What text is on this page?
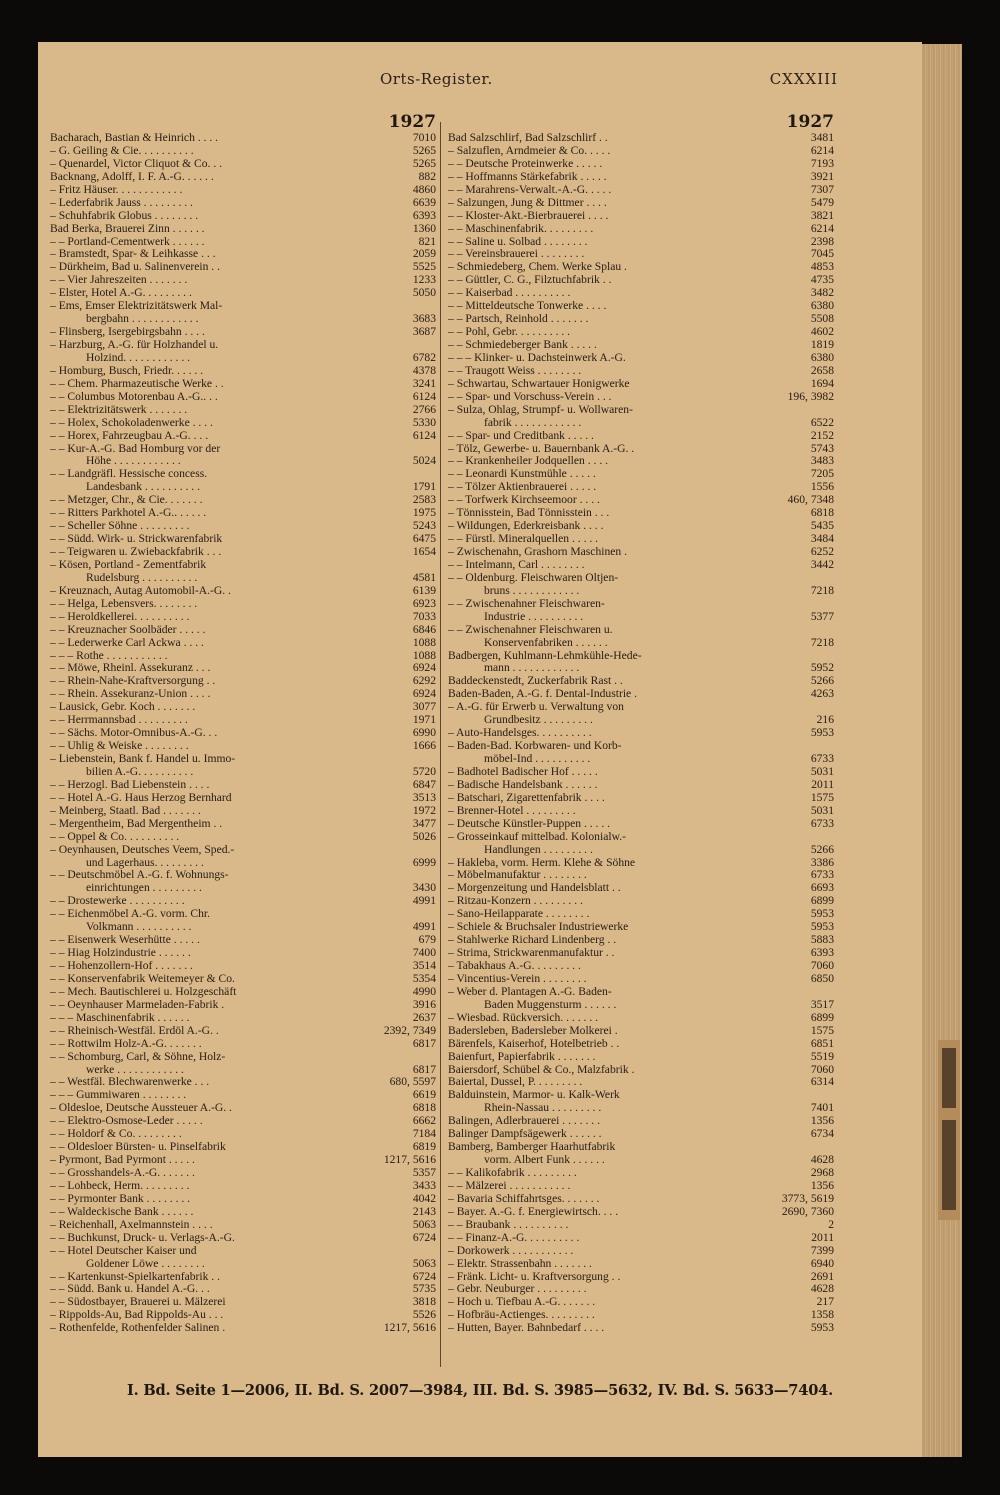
Orts-Register.	CXXXIII
1927
Bacharach, Bastian & Heinrich . . . .	7010
– G. Geiling & Cie. . . . . . . . . .	5265
– Quenardel, Victor Cliquot & Co. . .	5265
Backnang, Adolff, I. F. A.-G. . . . . .	882
– Fritz Häuser. . . . . . . . . . . .	4860
– Lederfabrik Jauss . . . . . . . . .	6639
– Schuhfabrik Globus . . . . . . . .	6393
Bad Berka, Brauerei Zinn . . . . . .	1360
– – Portland-Cementwerk . . . . . .	821
– Bramstedt, Spar- & Leihkasse . . .	2059
– Dürkheim, Bad u. Salinenverein . .	5525
– – Vier Jahreszeiten . . . . . . .	1233
– Elster, Hotel A.-G. . . . . . . . .	5050
– Ems, Emser Elektrizitätswerk Mal-
bergbahn . . . . . . . . . . . .	3683
– Flinsberg, Isergebirgsbahn . . . .	3687
– Harzburg, A.-G. für Holzhandel u.
Holzind. . . . . . . . . . . .	6782
– Homburg, Busch, Friedr. . . . . .	4378
– – Chem. Pharmazeutische Werke . .	3241
– – Columbus Motorenbau A.-G.. . .	6124
– – Elektrizitätswerk . . . . . . .	2766
– – Holex, Schokoladenwerke . . . .	5330
– – Horex, Fahrzeugbau A.-G. . . .	6124
– – Kur-A.-G. Bad Homburg vor der
Höhe . . . . . . . . . . . .	5024
– – Landgräfl. Hessische concess.
Landesbank . . . . . . . . . .	1791
– – Metzger, Chr., & Cie. . . . . . .	2583
– – Ritters Parkhotel A.-G.. . . . . .	1975
– – Scheller Söhne . . . . . . . . .	5243
– – Südd. Wirk- u. Strickwarenfabrik	6475
– – Teigwaren u. Zwiebackfabrik . . .	1654
– Kösen, Portland - Zementfabrik
Rudelsburg . . . . . . . . . .	4581
– Kreuznach, Autag Automobil-A.-G. .	6139
– – Helga, Lebensvers. . . . . . . .	6923
– – Heroldkellerei. . . . . . . . . .	7033
– – Kreuznacher Soolbäder . . . . .	6846
– – Lederwerke Carl Ackwa . . . .	1088
– – – Rothe . . . . . . . . . . .	1088
– – Möwe, Rheinl. Assekuranz . . .	6924
– – Rhein-Nahe-Kraftversorgung . .	6292
– – Rhein. Assekuranz-Union . . . .	6924
– Lausick, Gebr. Koch . . . . . . .	3077
– – Herrmannsbad . . . . . . . . .	1971
– – Sächs. Motor-Omnibus-A.-G. . .	6990
– – Uhlig & Weiske . . . . . . . .	1666
– Liebenstein, Bank f. Handel u. Immo-
bilien A.-G. . . . . . . . . .	5720
– – Herzogl. Bad Liebenstein . . . .	6847
– – Hotel A.-G. Haus Herzog Bernhard	3513
– Meinberg, Staatl. Bad . . . . . . .	1972
– Mergentheim, Bad Mergentheim . .	3477
– – Oppel & Co. . . . . . . . . .	5026
– Oeynhausen, Deutsches Veem, Sped.-
und Lagerhaus. . . . . . . . .	6999
– – Deutschmöbel A.-G. f. Wohnungs-
einrichtungen . . . . . . . . .	3430
– – Drostewerke . . . . . . . . . .	4991
– – Eichenmöbel A.-G. vorm. Chr.
Volkmann . . . . . . . . . .	4991
– – Eisenwerk Weserhütte . . . . .	679
– – Hiag Holzindustrie . . . . . .	7400
– – Hohenzollern-Hof . . . . . . .	3514
– – Konservenfabrik Weitemeyer & Co.	5354
– – Mech. Bautischlerei u. Holzgeschäft	4990
– – Oeynhauser Marmeladen-Fabrik .	3916
– – – Maschinenfabrik . . . . . .	2637
– – Rheinisch-Westfäl. Erdöl A.-G. .	2392, 7349
– – Rottwilm Holz-A.-G. . . . . . .	6817
– – Schomburg, Carl, & Söhne, Holz-
werke . . . . . . . . . . . .	6817
– – Westfäl. Blechwarenwerke . . .	680, 5597
– – – Gummiwaren . . . . . . . .	6619
– Oldesloe, Deutsche Aussteuer A.-G. .	6818
– – Elektro-Osmose-Leder . . . . .	6662
– – Holdorf & Co. . . . . . . . .	7184
– – Oldesloer Bürsten- u. Pinselfabrik	6819
– Pyrmont, Bad Pyrmont . . . . .	1217, 5616
– – Grosshandels-A.-G. . . . . . .	5357
– – Lohbeck, Herm. . . . . . . . .	3433
– – Pyrmonter Bank . . . . . . . .	4042
– – Waldeckische Bank . . . . . .	2143
– Reichenhall, Axelmannstein . . . .	5063
– – Buchkunst, Druck- u. Verlags-A.-G.	6724
– – Hotel Deutscher Kaiser und
Goldener Löwe . . . . . . . .	5063
– – Kartenkunst-Spielkartenfabrik . .	6724
– – Südd. Bank u. Handel A.-G. . .	5735
– – Südostbayer, Brauerei u. Mälzerei	3818
– Rippolds-Au, Bad Rippolds-Au . . .	5526
– Rothenfelde, Rothenfelder Salinen .	1217, 5616
1927
Bad Salzschlirf, Bad Salzschlirf . .	3481
– Salzuflen, Arndmeier & Co. . . . .	6214
– – Deutsche Proteinwerke . . . . .	7193
– – Hoffmanns Stärkefabrik . . . . .	3921
– – Marahrens-Verwalt.-A.-G. . . . .	7307
– Salzungen, Jung & Dittmer . . . .	5479
– – Kloster-Akt.-Bierbrauerei . . . .	3821
– – Maschinenfabrik. . . . . . . . .	6214
– – Saline u. Solbad . . . . . . . .	2398
– – Vereinsbrauerei . . . . . . . .	7045
– Schmiedeberg, Chem. Werke Splau .	4853
– – Güttler, C. G., Filztuchfabrik . .	4735
– – Kaiserbad . . . . . . . . . .	3482
– – Mitteldeutsche Tonwerke . . . .	6380
– – Partsch, Reinhold . . . . . . .	5508
– – Pohl, Gebr. . . . . . . . . .	4602
– – Schmiedeberger Bank . . . . .	1819
– – – Klinker- u. Dachsteinwerk A.-G.	6380
– – Traugott Weiss . . . . . . . .	2658
– Schwartau, Schwartauer Honigwerke	1694
– – Spar- und Vorschuss-Verein . . .	196, 3982
– Sulza, Ohlag, Strumpf- u. Wollwaren-
fabrik . . . . . . . . . . . .	6522
– – Spar- und Creditbank . . . . .	2152
– Tölz, Gewerbe- u. Bauernbank A.-G. .	5743
– – Krankenheiler Jodquellen . . . .	3483
– – Leonardi Kunstmühle . . . . .	7205
– – Tölzer Aktienbrauerei . . . . .	1556
– – Torfwerk Kirchseemoor . . . .	460, 7348
– Tönnisstein, Bad Tönnisstein . . .	6818
– Wildungen, Ederkreisbank . . . .	5435
– – Fürstl. Mineralquellen . . . . .	3484
– Zwischenahn, Grashorn Maschinen .	6252
– – Intelmann, Carl . . . . . . . .	3442
– – Oldenburg. Fleischwaren Oltjen-
bruns . . . . . . . . . . . .	7218
– – Zwischenahner Fleischwaren-
Industrie . . . . . . . . . .	5377
– – Zwischenahner Fleischwaren u.
Konservenfabriken . . . . . .	7218
Badbergen, Kuhlmann-Lehmkühle-Hede-
mann . . . . . . . . . . . .	5952
Baddeckenstedt, Zuckerfabrik Rast . .	5266
Baden-Baden, A.-G. f. Dental-Industrie .	4263
– A.-G. für Erwerb u. Verwaltung von
Grundbesitz . . . . . . . . .	216
– Auto-Handelsges. . . . . . . . . .	5953
– Baden-Bad. Korbwaren- und Korb-
möbel-Ind . . . . . . . . . .	6733
– Badhotel Badischer Hof . . . . .	5031
– Badische Handelsbank . . . . . .	2011
– Batschari, Zigarettenfabrik . . . .	1575
– Brenner-Hotel . . . . . . . . .	5031
– Deutsche Künstler-Puppen . . . . .	6733
– Grosseinkauf mittelbad. Kolonialw.-
Handlungen . . . . . . . . .	5266
– Hakleba, vorm. Herm. Klehe & Söhne	3386
– Möbelmanufaktur . . . . . . . .	6733
– Morgenzeitung und Handelsblatt . .	6693
– Ritzau-Konzern . . . . . . . . .	6899
– Sano-Heilapparate . . . . . . . .	5953
– Schiele & Bruchsaler Industriewerke	5953
– Stahlwerke Richard Lindenberg . .	5883
– Strima, Strickwarenmanufaktur . .	6393
– Tabakhaus A.-G. . . . . . . . .	7060
– Vincentius-Verein . . . . . . . .	6850
– Weber d. Plantagen A.-G. Baden-
Baden Muggensturm . . . . . .	3517
– Wiesbad. Rückversich. . . . . . .	6899
Badersleben, Badersleber Molkerei .	1575
Bärenfels, Kaiserhof, Hotelbetrieb . .	6851
Baienfurt, Papierfabrik . . . . . . .	5519
Baiersdorf, Schübel & Co., Malzfabrik .	7060
Baiertal, Dussel, P. . . . . . . . .	6314
Balduinstein, Marmor- u. Kalk-Werk
Rhein-Nassau . . . . . . . . .	7401
Balingen, Adlerbrauerei . . . . . . .	1356
Balinger Dampfsägewerk . . . . . .	6734
Bamberg, Bamberger Haarhutfabrik
vorm. Albert Funk . . . . . .	4628
– – Kalikofabrik . . . . . . . . .	2968
– – Mälzerei . . . . . . . . . . .	1356
– Bavaria Schiffahrtsges. . . . . . .	3773, 5619
– Bayer. A.-G. f. Energiewirtsch. . . .	2690, 7360
– – Braubank . . . . . . . . . .	2
– – Finanz-A.-G. . . . . . . . . .	2011
– Dorkowerk . . . . . . . . . . .	7399
– Elektr. Strassenbahn . . . . . . .	6940
– Fränk. Licht- u. Kraftversorgung . .	2691
– Gebr. Neuburger . . . . . . . . .	4628
– Hoch u. Tiefbau A.-G. . . . . . .	217
– Hofbräu-Actienges. . . . . . . . .	1358
– Hutten, Bayer. Bahnbedarf . . . .	5953
I. Bd. Seite 1—2006, II. Bd. S. 2007—3984, III. Bd. S. 3985—5632, IV. Bd. S. 5633—7404.
